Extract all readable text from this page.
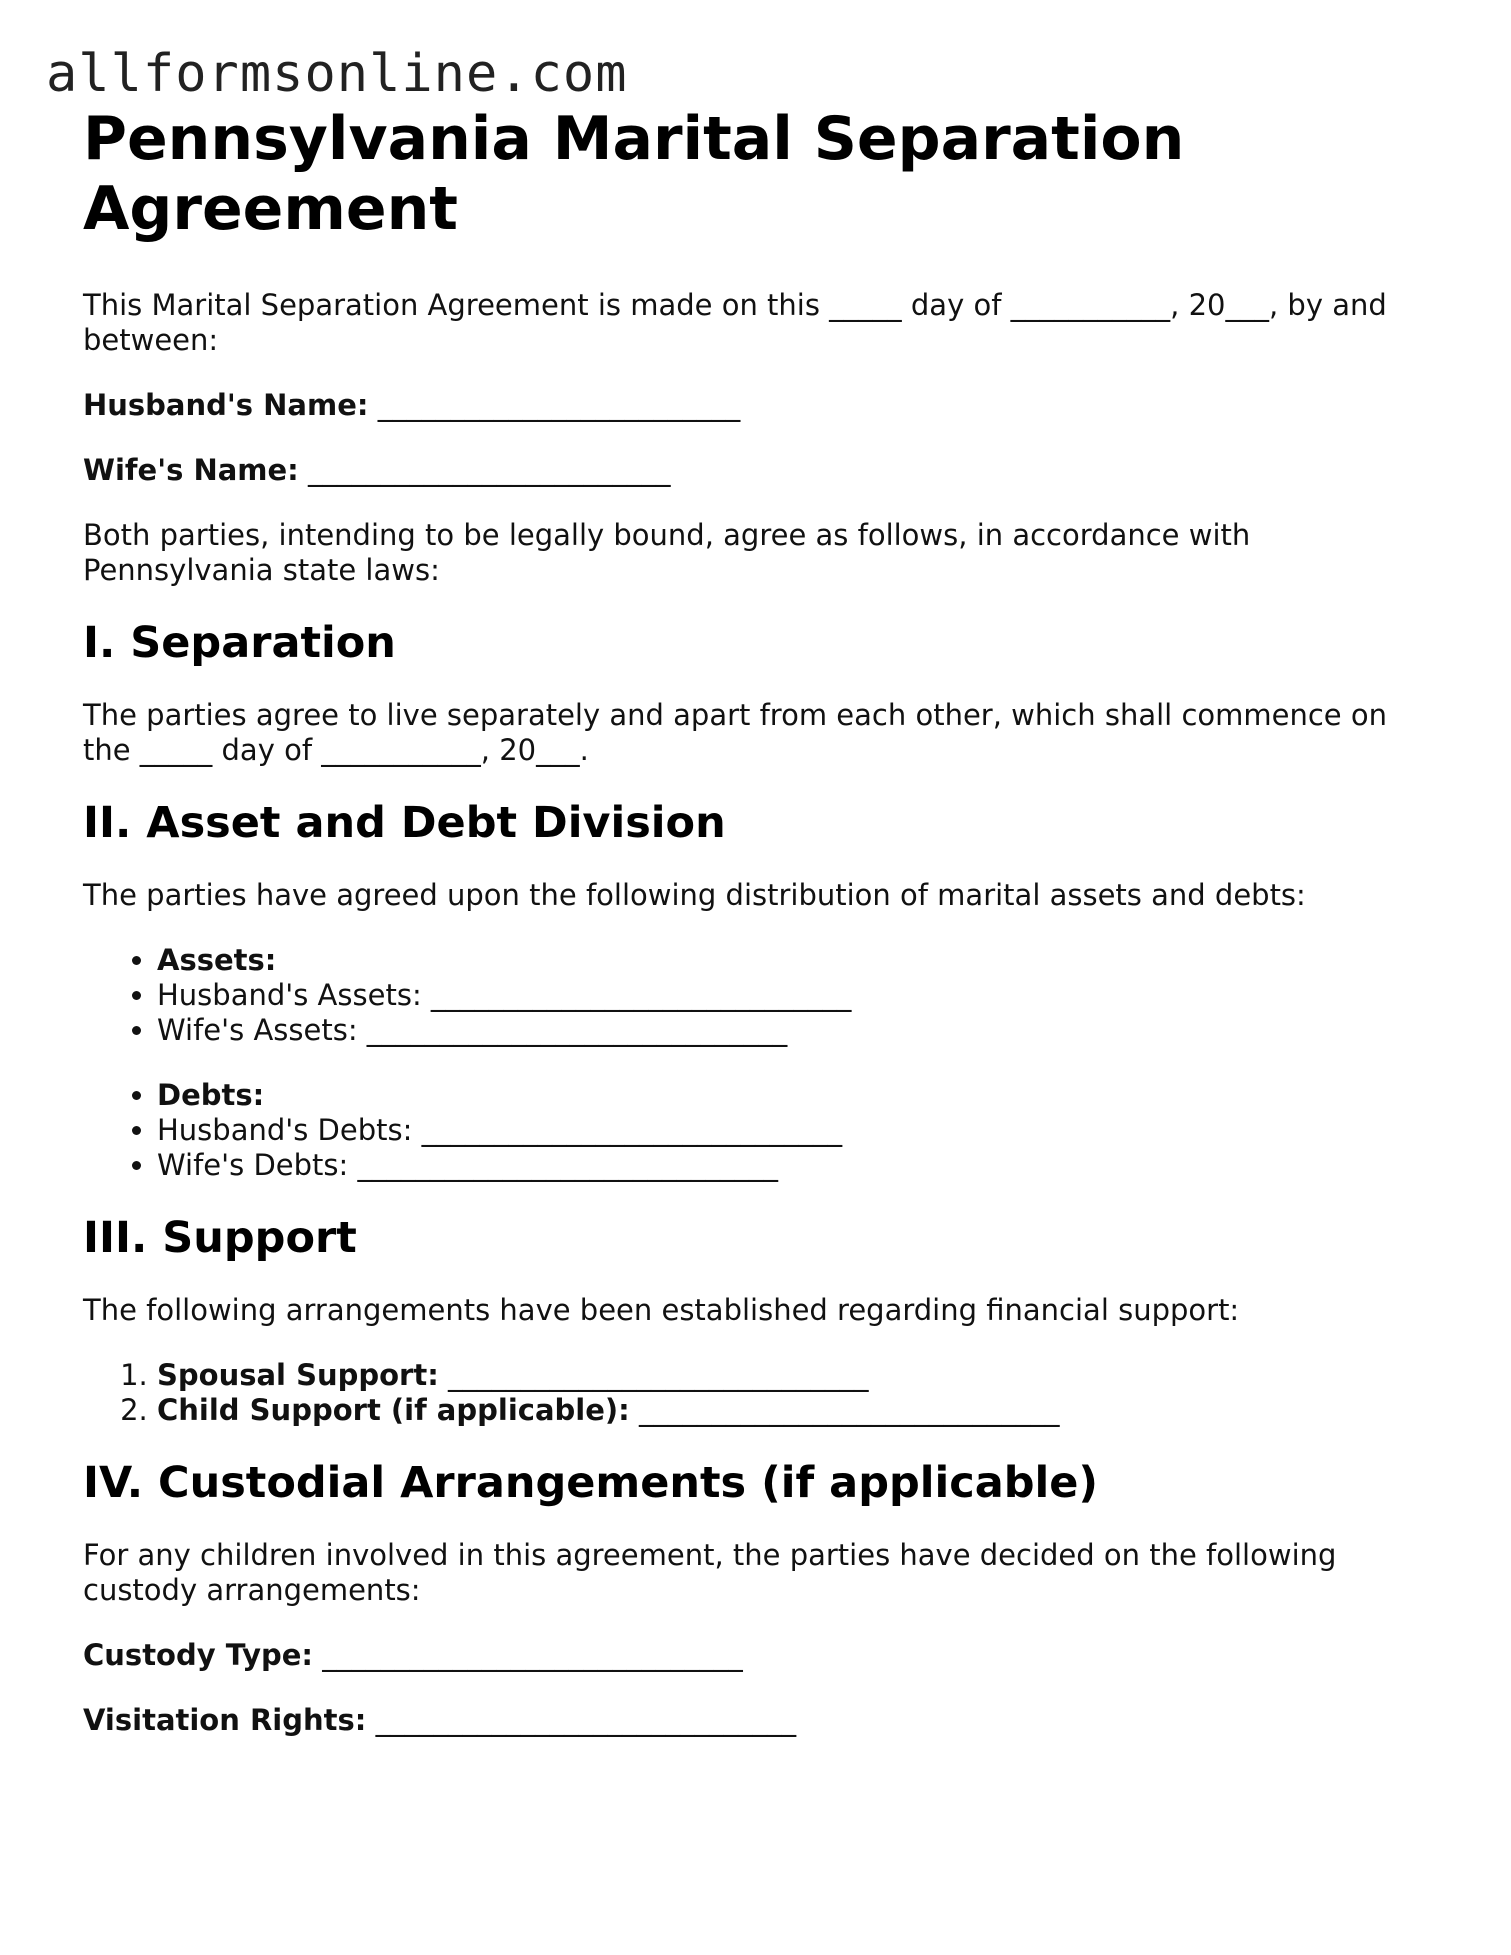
allformsonline.com
Pennsylvania Marital Separation Agreement

This Marital Separation Agreement is made on this _____ day of ___________, 20___, by and between:

Husband's Name: _________________________

Wife's Name: _________________________

Both parties, intending to be legally bound, agree as follows, in accordance with Pennsylvania state laws:

I. Separation

The parties agree to live separately and apart from each other, which shall commence on the _____ day of ___________, 20___.

II. Asset and Debt Division

The parties have agreed upon the following distribution of marital assets and debts:

• Assets:
• Husband's Assets: _____________________________
• Wife's Assets: _____________________________
• Debts:
• Husband's Debts: _____________________________
• Wife's Debts: _____________________________
III. Support

The following arrangements have been established regarding financial support:

1. Spousal Support: _____________________________
2. Child Support (if applicable): _____________________________
IV. Custodial Arrangements (if applicable)

For any children involved in this agreement, the parties have decided on the following custody arrangements:

Custody Type: _____________________________

Visitation Rights: _____________________________
